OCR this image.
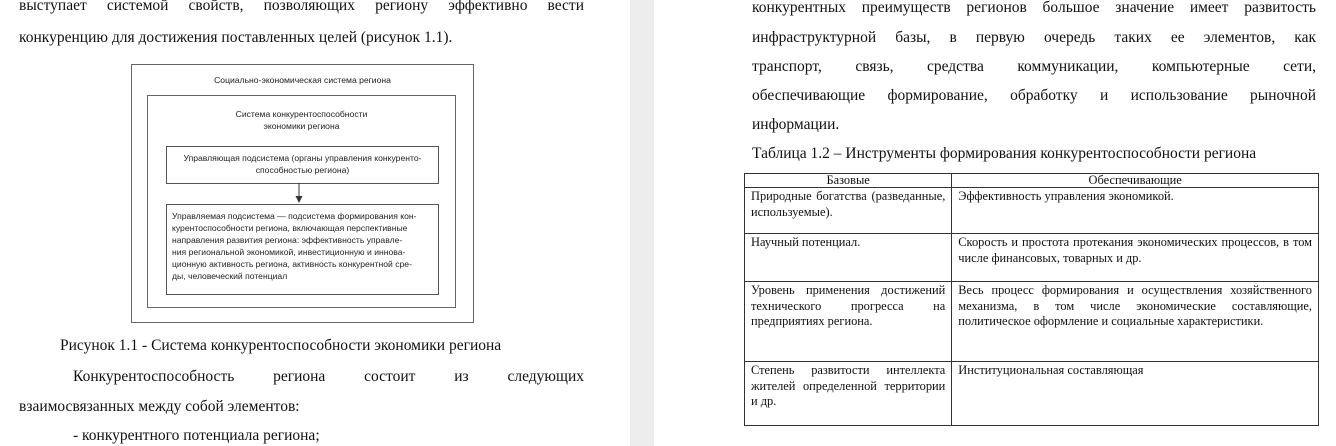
выступает системой свойств, позволяющих региону эффективно вести
конкуренцию для достижения поставленных целей (рисунок 1.1).
Рисунок 1.1 - Система конкурентоспособности экономики региона
Конкурентоспособность региона состоит из следующих
взаимосвязанных между собой элементов:
- конкурентного потенциала региона;
Социально-экономическая система региона
Система конкурентоспособности
экономики региона
Управляющая подсистема (органы управления конкуренто-
способностью региона)
Управляемая подсистема — подсистема формирования кон-
курентоспособности региона, включающая перспективные
направления развития региона: эффективность управле-
ния региональной экономикой, инвестиционную и иннова-
ционную активность региона, активность конкурентной сре-
ды, человеческий потенциал
конкурентных преимуществ регионов большое значение имеет развитость
инфраструктурной базы, в первую очередь таких ее элементов, как
транспорт, связь, средства коммуникации, компьютерные сети,
обеспечивающие формирование, обработку и использование рыночной
информации.
Таблица 1.2 – Инструменты формирования конкурентоспособности региона
Базовые	Обеспечивающие
Природные богатства (разведанные, используемые).	Эффективность управления экономикой.
Научный потенциал.	Скорость и простота протекания экономических процессов, в том числе финансовых, товарных и др.
Уровень применения достижений технического прогресса на предприятиях региона.	Весь процесс формирования и осуществления хозяйственного механизма, в том числе экономические составляющие, политическое оформление и социальные характеристики.
Степень развитости интеллекта жителей определенной территории и др.	Институциональная составляющая
